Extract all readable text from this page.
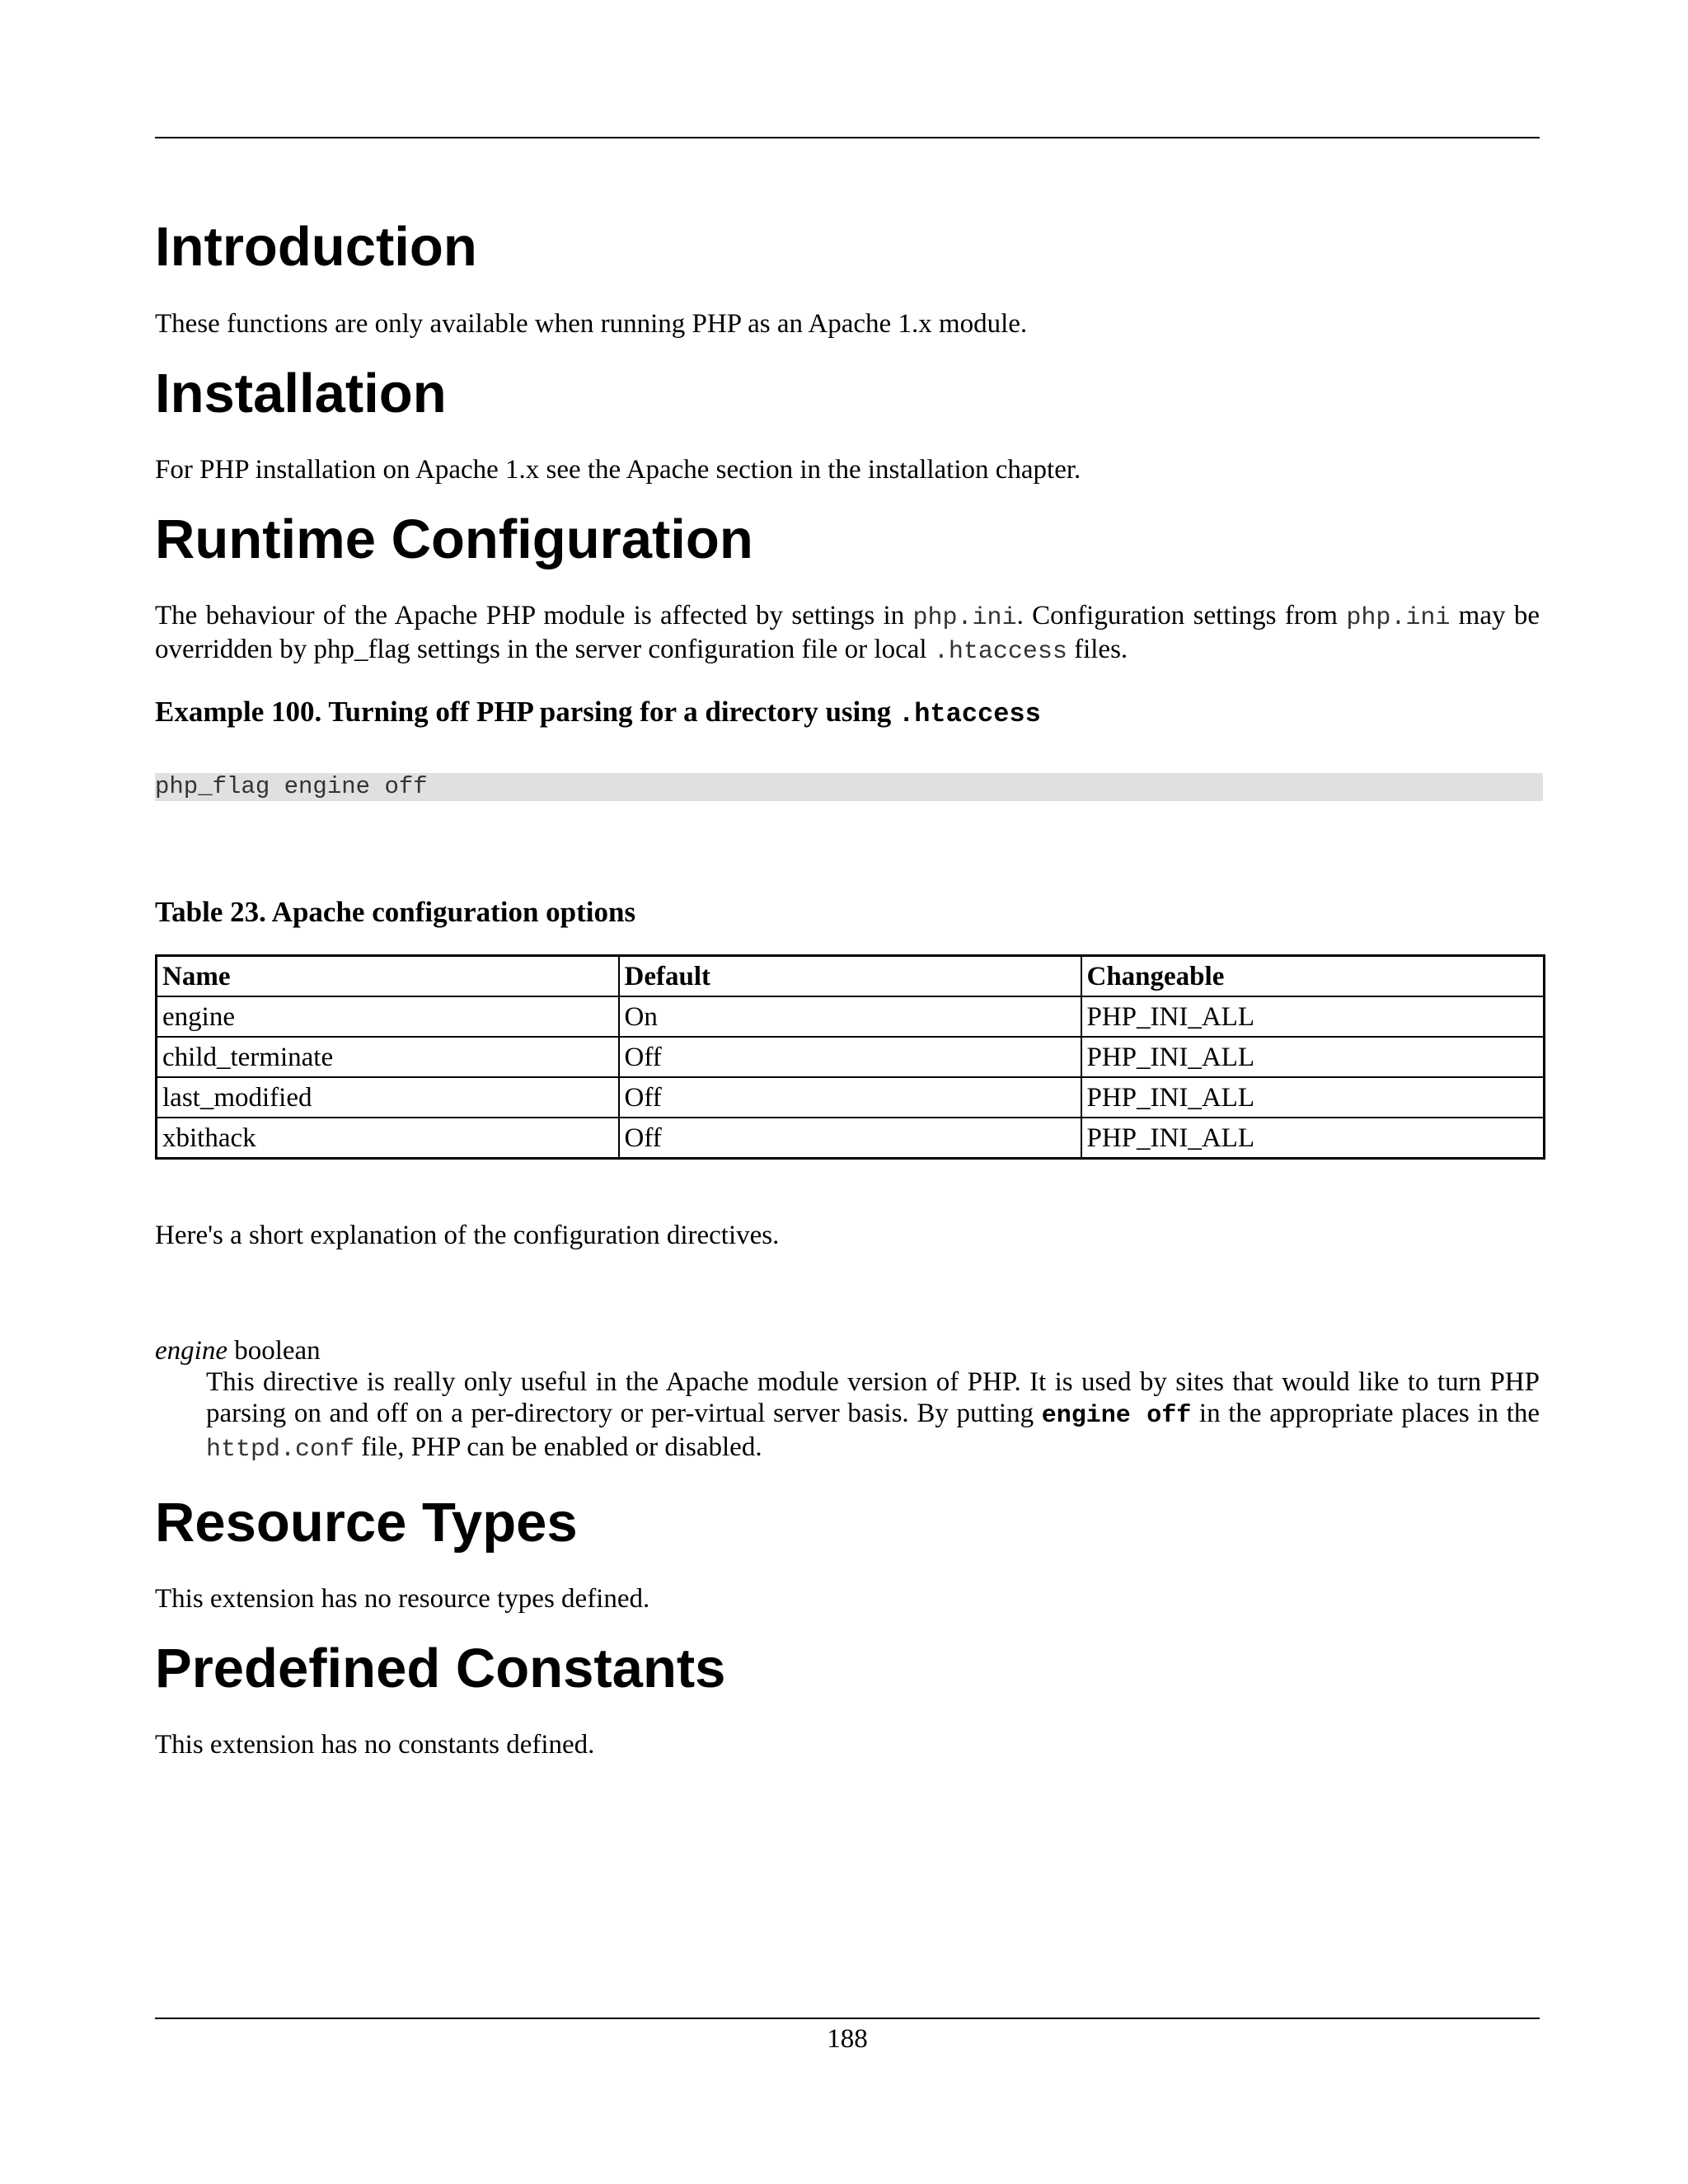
Introduction

These functions are only available when running PHP as an Apache 1.x module.

Installation

For PHP installation on Apache 1.x see the Apache section in the installation chapter.

Runtime Configuration

The behaviour of the Apache PHP module is affected by settings in php.ini. Configuration settings from php.ini may be overridden by php_flag settings in the server configuration file or local .htaccess files.

Example 100. Turning off PHP parsing for a directory using .htaccess
php_flag engine off
Table 23. Apache configuration options
Name	Default	Changeable
engine	On	PHP_INI_ALL
child_terminate	Off	PHP_INI_ALL
last_modified	Off	PHP_INI_ALL
xbithack	Off	PHP_INI_ALL

Here's a short explanation of the configuration directives.

engine boolean
This directive is really only useful in the Apache module version of PHP. It is used by sites that would like to turn PHP parsing on and off on a per-directory or per-virtual server basis. By putting engine off in the appropriate places in the httpd.conf file, PHP can be enabled or disabled.
Resource Types

This extension has no resource types defined.

Predefined Constants

This extension has no constants defined.

188
